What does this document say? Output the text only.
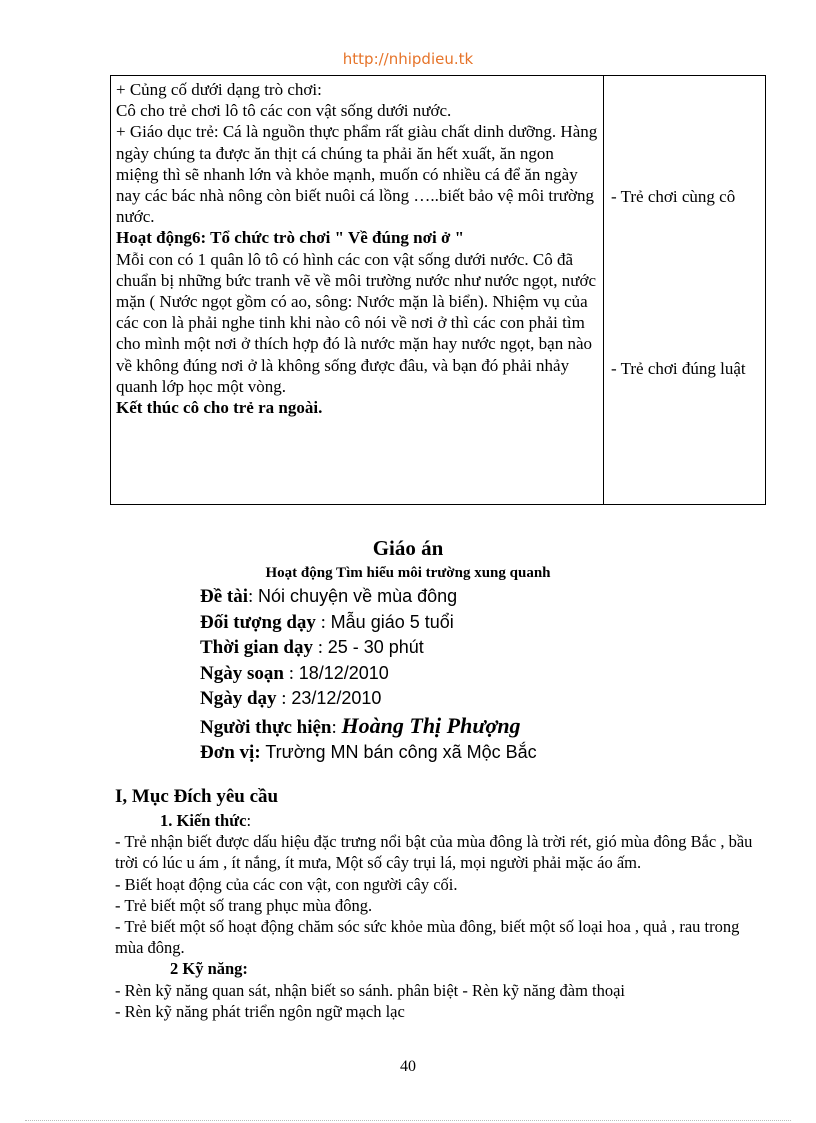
http://nhipdieu.tk

+ Củng cố dưới dạng trò chơi:

Cô cho trẻ chơi lô tô các con vật sống dưới nước.

+ Giáo dục trẻ: Cá là nguồn thực phẩm rất giàu chất dinh dưỡng. Hàng ngày chúng ta được ăn thịt cá chúng ta phải ăn hết xuất, ăn ngon miệng thì sẽ nhanh lớn và khỏe mạnh, muốn có nhiều cá để ăn ngày nay các bác nhà nông còn biết nuôi cá lồng …..biết bảo vệ môi trường nước.

Hoạt động6: Tổ chức trò chơi " Về đúng nơi ở "

Mỗi con có 1 quân lô tô có hình các con vật sống dưới nước. Cô đã chuẩn bị những bức tranh vẽ về môi trường nước như nước ngọt, nước mặn ( Nước ngọt gồm có ao, sông: Nước mặn là biển). Nhiệm vụ của các con là phải nghe tinh khi nào cô nói về nơi ở thì các con phải tìm cho mình một nơi ở thích hợp đó là nước mặn hay nước ngọt, bạn nào về không đúng nơi ở là không sống được đâu, và bạn đó phải nhảy quanh lớp học một vòng.

Kết thúc cô cho trẻ ra ngoài.

- Trẻ chơi cùng cô
- Trẻ chơi đúng luật
Giáo án
Hoạt động Tìm hiểu môi trường xung quanh
Đề tài: Nói chuyện về mùa đông
Đối tượng dạy : Mẫu giáo 5 tuổi
Thời gian dạy : 25 - 30 phút
Ngày soạn : 18/12/2010
Ngày dạy : 23/12/2010
Người thực hiện: Hoàng Thị Phượng
Đơn vị: Trường MN bán công xã Mộc Bắc
I, Mục Đích yêu cầu

1. Kiến thức:

- Trẻ nhận biết được dấu hiệu đặc trưng nổi bật của mùa đông là trời rét, gió mùa đông Bắc , bầu trời có lúc u ám , ít nắng, ít mưa, Một số cây trụi lá, mọi người phải mặc áo ấm.

- Biết hoạt động của các con vật, con người cây cối.

- Trẻ biết một số trang phục mùa đông.

- Trẻ biết một số hoạt động chăm sóc sức khỏe mùa đông, biết một số loại hoa , quả , rau trong mùa đông.

2 Kỹ năng:

- Rèn kỹ năng quan sát, nhận biết so sánh. phân biệt - Rèn kỹ năng đàm thoại

- Rèn kỹ năng phát triển ngôn ngữ mạch lạc

40
